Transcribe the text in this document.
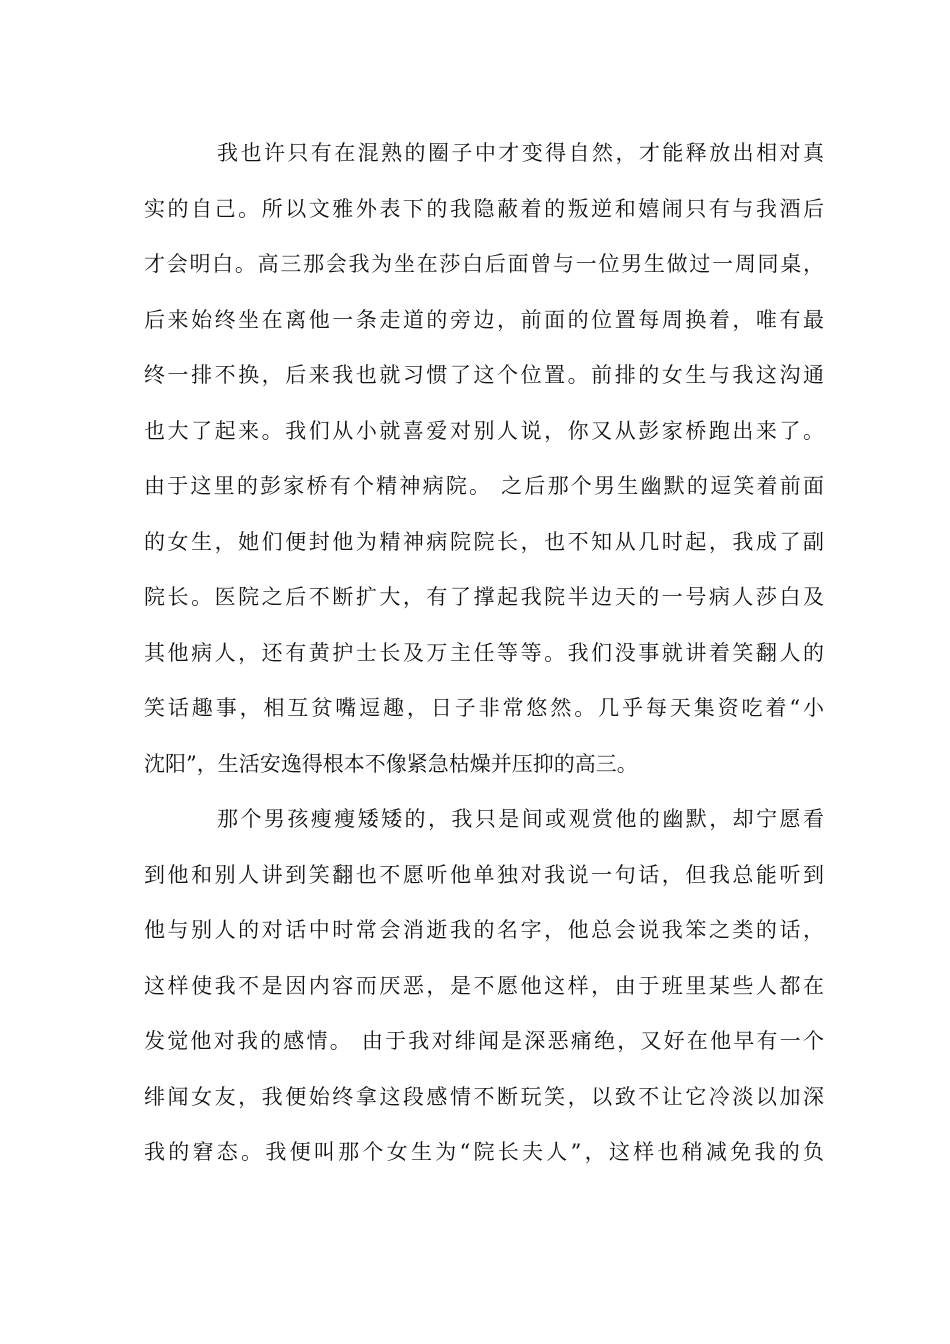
我也许只有在混熟的圈子中才变得自然，才能释放出相对真
实的自己。所以文雅外表下的我隐蔽着的叛逆和嬉闹只有与我酒后
才会明白。高三那会我为坐在莎白后面曾与一位男生做过一周同桌，
后来始终坐在离他一条走道的旁边，前面的位置每周换着，唯有最
终一排不换，后来我也就习惯了这个位置。前排的女生与我这沟通
也大了起来。我们从小就喜爱对别人说，你又从彭家桥跑出来了。
由于这里的彭家桥有个精神病院。 之后那个男生幽默的逗笑着前面
的女生，她们便封他为精神病院院长，也不知从几时起，我成了副
院长。医院之后不断扩大，有了撑起我院半边天的一号病人莎白及
其他病人，还有黄护士长及万主任等等。我们没事就讲着笑翻人的
笑话趣事，相互贫嘴逗趣，日子非常悠然。几乎每天集资吃着“小
沈阳”，生活安逸得根本不像紧急枯燥并压抑的高三。
那个男孩瘦瘦矮矮的，我只是间或观赏他的幽默，却宁愿看
到他和别人讲到笑翻也不愿听他单独对我说一句话，但我总能听到
他与别人的对话中时常会消逝我的名字，他总会说我笨之类的话，
这样使我不是因内容而厌恶，是不愿他这样，由于班里某些人都在
发觉他对我的感情。 由于我对绯闻是深恶痛绝，又好在他早有一个
绯闻女友，我便始终拿这段感情不断玩笑，以致不让它冷淡以加深
我的窘态。我便叫那个女生为“院长夫人”，这样也稍减免我的负
